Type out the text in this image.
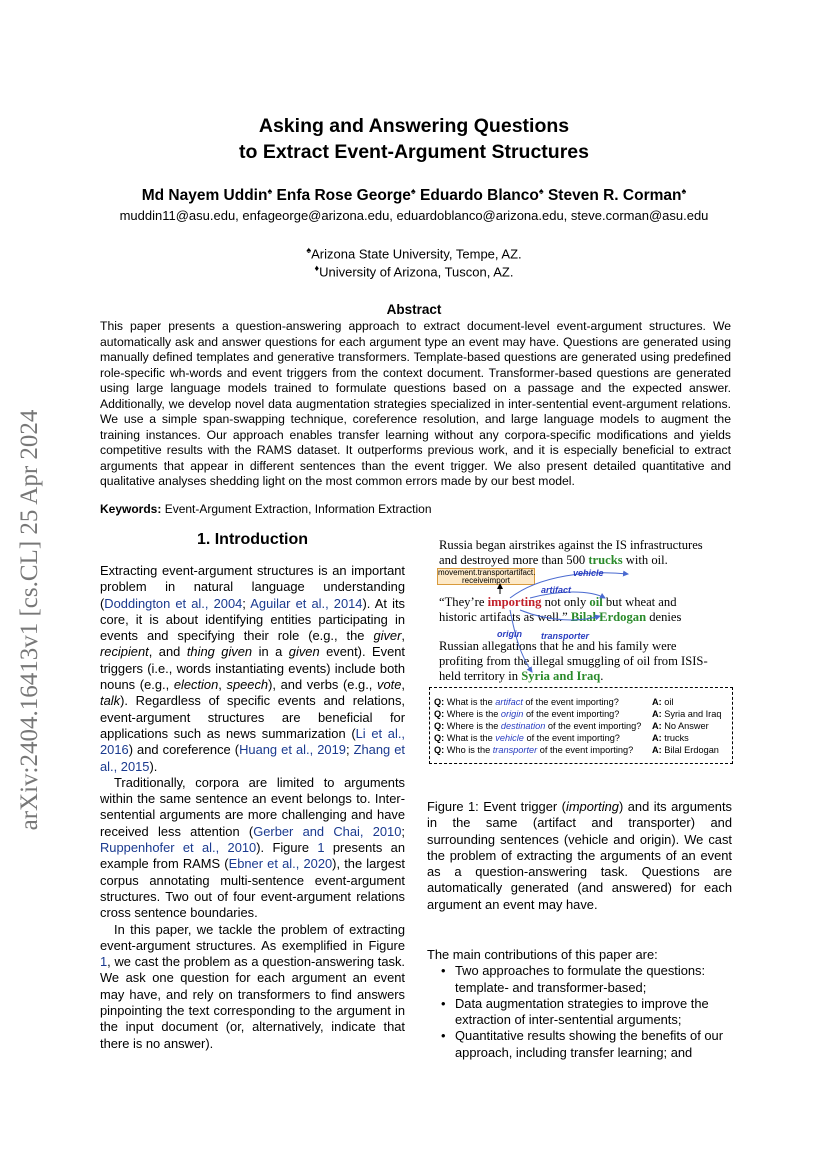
arXiv:2404.16413v1 [cs.CL] 25 Apr 2024
Asking and Answering Questions
to Extract Event-Argument Structures
Md Nayem Uddin♠ Enfa Rose George♠ Eduardo Blanco♠ Steven R. Corman♠
muddin11@asu.edu, enfageorge@arizona.edu, eduardoblanco@arizona.edu, steve.corman@asu.edu
♠Arizona State University, Tempe, AZ.
♦University of Arizona, Tuscon, AZ.
Abstract
This paper presents a question-answering approach to extract document-level event-argument structures. We automatically ask and answer questions for each argument type an event may have. Questions are generated using manually defined templates and generative transformers. Template-based questions are generated using predefined role-specific wh-words and event triggers from the context document. Transformer-based questions are generated using large language models trained to formulate questions based on a passage and the expected answer. Additionally, we develop novel data augmentation strategies specialized in inter-sentential event-argument relations. We use a simple span-swapping technique, coreference resolution, and large language models to augment the training instances. Our approach enables transfer learning without any corpora-specific modifications and yields competitive results with the RAMS dataset. It outperforms previous work, and it is especially beneficial to extract arguments that appear in different sentences than the event trigger. We also present detailed quantitative and qualitative analyses shedding light on the most common errors made by our best model.
Keywords: Event-Argument Extraction, Information Extraction
1. Introduction

Extracting event-argument structures is an important problem in natural language understanding (Doddington et al., 2004; Aguilar et al., 2014). At its core, it is about identifying entities participating in events and specifying their role (e.g., the giver, recipient, and thing given in a given event). Event triggers (i.e., words instantiating events) include both nouns (e.g., election, speech), and verbs (e.g., vote, talk). Regardless of specific events and relations, event-argument structures are beneficial for applications such as news summarization (Li et al., 2016) and coreference (Huang et al., 2019; Zhang et al., 2015).

Traditionally, corpora are limited to arguments within the same sentence an event belongs to. Inter-sentential arguments are more challenging and have received less attention (Gerber and Chai, 2010; Ruppenhofer et al., 2010). Figure 1 presents an example from RAMS (Ebner et al., 2020), the largest corpus annotating multi-sentence event-argument structures. Two out of four event-argument relations cross sentence boundaries.

In this paper, we tackle the problem of extracting event-argument structures. As exemplified in Figure 1, we cast the problem as a question-answering task. We ask one question for each argument an event may have, and rely on transformers to find answers pinpointing the text corresponding to the argument in the input document (or, alternatively, indicate that there is no answer).

Russia began airstrikes against the IS infrastructures
and destroyed more than 500 trucks with oil.
“They’re importing not only oil but wheat and
historic artifacts as well.” Bilal Erdogan denies
Russian allegations that he and his family were
profiting from the illegal smuggling of oil from ISIS-
held territory in Syria and Iraq.
movement.transportartifact.
receiveimport
vehicle
artifact
origin transporter
Q: What is the artifact of the event importing?	A: oil
Q: Where is the origin of the event importing?	A: Syria and Iraq
Q: Where is the destination of the event importing? A: No Answer
Q: What is the vehicle of the event importing?	A: trucks
Q: Who is the transporter of the event importing? A: Bilal Erdogan
Figure 1: Event trigger (importing) and its arguments in the same (artifact and transporter) and surrounding sentences (vehicle and origin). We cast the problem of extracting the arguments of an event as a question-answering task. Questions are automatically generated (and answered) for each argument an event may have.
The main contributions of this paper are:
• Two approaches to formulate the questions: template- and transformer-based;
• Data augmentation strategies to improve the extraction of inter-sentential arguments;
• Quantitative results showing the benefits of our approach, including transfer learning; and
